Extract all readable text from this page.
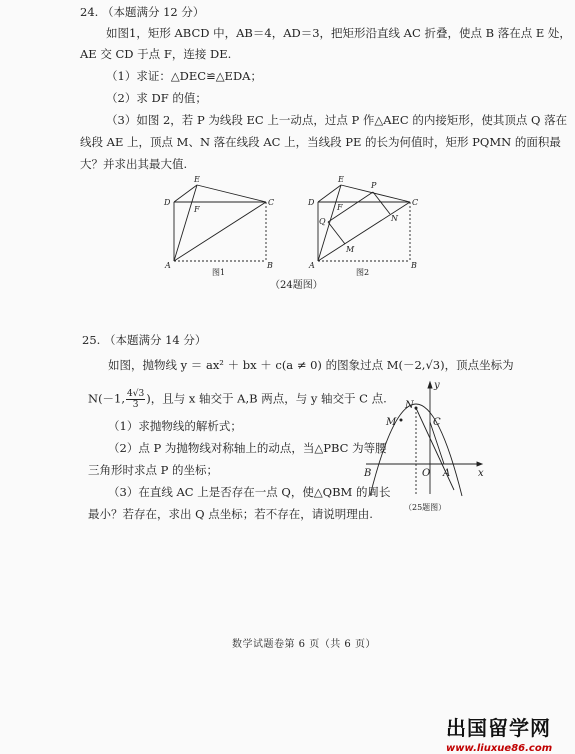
24. （本题满分 12 分）
如图1，矩形 ABCD 中，AB＝4，AD＝3，把矩形沿直线 AC 折叠，使点 B 落在点 E 处，
AE 交 CD 于点 F，连接 DE.
（1）求证：△DEC≌△EDA；
（2）求 DF 的值；
（3）如图 2，若 P 为线段 EC 上一动点，过点 P 作△AEC 的内接矩形，使其顶点 Q 落在
线段 AE 上，顶点 M、N 落在线段 AC 上，当线段 PE 的长为何值时，矩形 PQMN 的面积最
大？并求出其最大值.
E
D
F
C
A	B
图1
E
P
D
F
C
Q	N
M
A	B
图2
（24题图）
25. （本题满分 14 分）
如图，抛物线 y ＝ ax² ＋ bx ＋ c(a ≠ 0) 的图象过点 M(－2,√3)，顶点坐标为
N(－1, $\frac{4√3}{3}$ )，且与 x 轴交于 A,B 两点，与 y 轴交于 C 点.
（1）求抛物线的解析式；
（2）点 P 为抛物线对称轴上的动点，当△PBC 为等腰
三角形时求点 P 的坐标；
（3）在直线 AC 上是否存在一点 Q，使△QBM 的周长
最小？若存在，求出 Q 点坐标；若不存在，请说明理由.
y
N
M	C
B	O A	x
（25题图）
数学试题卷第 6 页（共 6 页）
出国留学网
www.liuxue86.com
